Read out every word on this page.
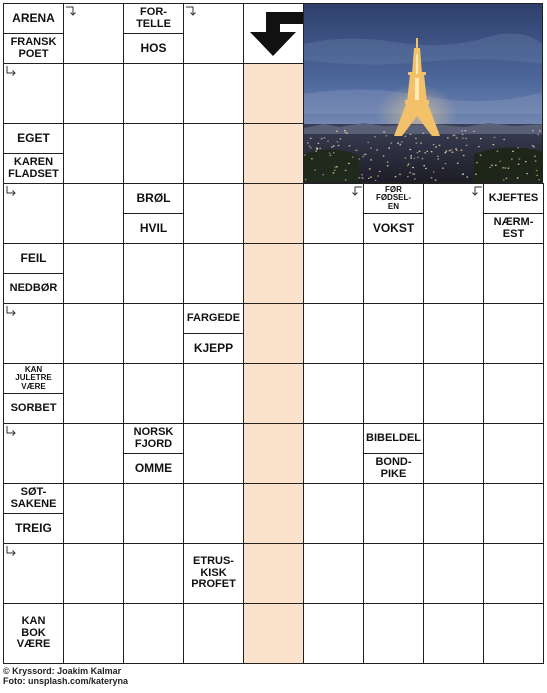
ARENA
FRANSK
POET
FOR-
TELLE
HOS
EGET
KAREN
FLADSET
BRØL
HVIL
FØR
FØDSEL-
EN
VOKST
KJEFTES
NÆRM-
EST
FEIL
NEDBØR
FARGEDE
KJEPP
KAN
JULETRE
VÆRE
SORBET
NORSK
FJORD
OMME
BIBELDEL
BOND-
PIKE
SØT-
SAKENE
TREIG
ETRUS-
KISK
PROFET
KAN
BOK
VÆRE
© Kryssord: Joakim Kalmar
Foto: unsplash.com/kateryna
